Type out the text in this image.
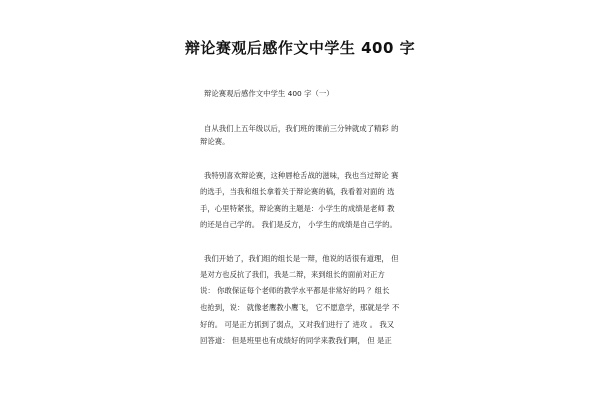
辩论赛观后感作文中学生 400 字
辩论赛观后感作文中学生 400 字（一）
自从我们上五年级以后，我们班的课前三分钟就成了精彩 的
辩论赛。
我特别喜欢辩论赛，这种唇枪舌战的滋味，我也当过辩论 赛
的选手，当我和组长拿着关于辩论赛的稿，我看着对面的 选
手，心里特紧张，辩论赛的主题是：小学生的成绩是老师 教
的还是自己学的。 我们是反方， 小学生的成绩是自己学的。
我们开始了，我们组的组长是一辩，他说的话很有道理， 但
是对方也反抗了我们，我是二辩，来到组长的面前对正方
说： 你敢保证每个老师的教学水平都是非常好的吗 ？组长
也抢到，说： 就像老鹰教小鹰飞， 它不愿意学，那就是学 不
好的。 可是正方抓到了弱点，又对我们进行了 进攻 。 我又
回答道： 但是班里也有成绩好的同学来教我们啊， 但 是正
